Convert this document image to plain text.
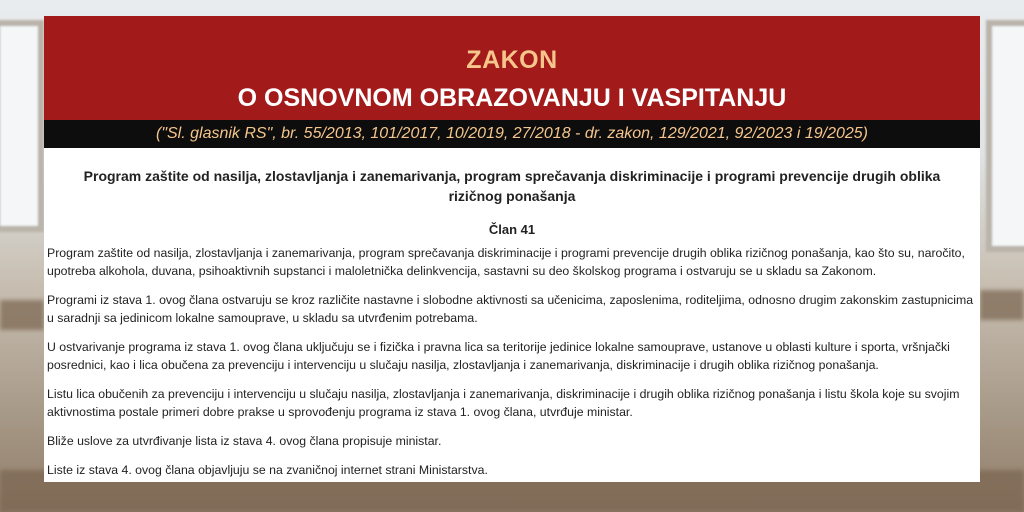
ZAKON
O OSNOVNOM OBRAZOVANJU I VASPITANJU
("Sl. glasnik RS", br. 55/2013, 101/2017, 10/2019, 27/2018 - dr. zakon, 129/2021, 92/2023 i 19/2025)
Program zaštite od nasilja, zlostavljanja i zanemarivanja, program sprečavanja diskriminacije i programi prevencije drugih oblika rizičnog ponašanja
Član 41

Program zaštite od nasilja, zlostavljanja i zanemarivanja, program sprečavanja diskriminacije i programi prevencije drugih oblika rizičnog ponašanja, kao što su, naročito, upotreba alkohola, duvana, psihoaktivnih supstanci i maloletnička delinkvencija, sastavni su deo školskog programa i ostvaruju se u skladu sa Zakonom.

Programi iz stava 1. ovog člana ostvaruju se kroz različite nastavne i slobodne aktivnosti sa učenicima, zaposlenima, roditeljima, odnosno drugim zakonskim zastupnicima u saradnji sa jedinicom lokalne samouprave, u skladu sa utvrđenim potrebama.

U ostvarivanje programa iz stava 1. ovog člana uključuju se i fizička i pravna lica sa teritorije jedinice lokalne samouprave, ustanove u oblasti kulture i sporta, vršnjački posrednici, kao i lica obučena za prevenciju i intervenciju u slučaju nasilja, zlostavljanja i zanemarivanja, diskriminacije i drugih oblika rizičnog ponašanja.

Listu lica obučenih za prevenciju i intervenciju u slučaju nasilja, zlostavljanja i zanemarivanja, diskriminacije i drugih oblika rizičnog ponašanja i listu škola koje su svojim aktivnostima postale primeri dobre prakse u sprovođenju programa iz stava 1. ovog člana, utvrđuje ministar.

Bliže uslove za utvrđivanje lista iz stava 4. ovog člana propisuje ministar.

Liste iz stava 4. ovog člana objavljuju se na zvaničnoj internet strani Ministarstva.
